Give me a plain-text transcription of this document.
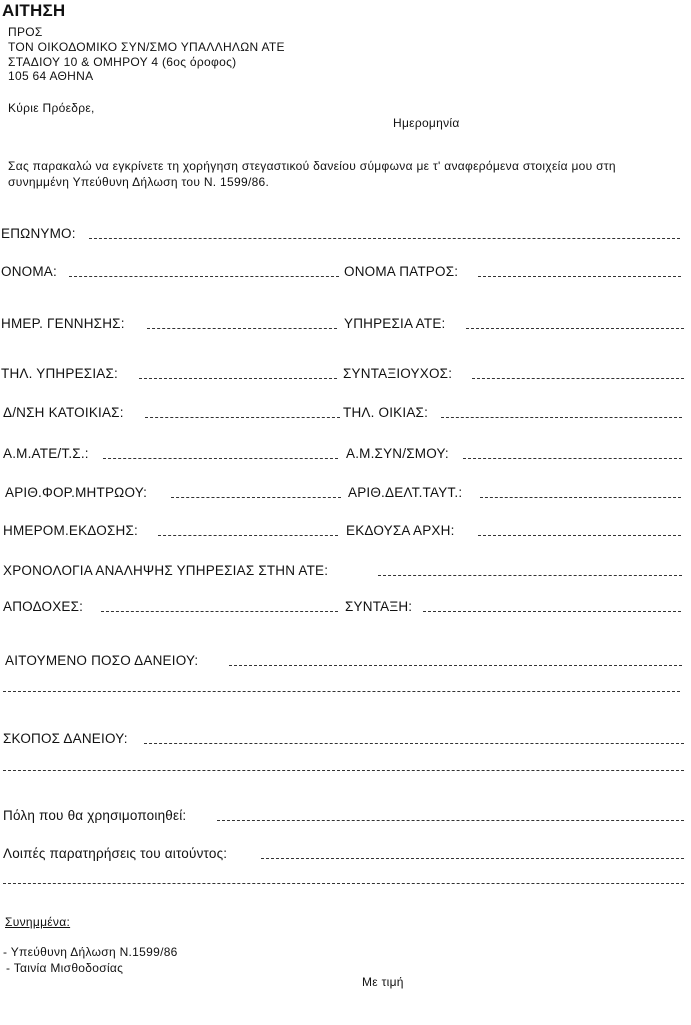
ΑΙΤΗΣΗ
ΠΡΟΣ
ΤΟΝ ΟΙΚΟΔΟΜΙΚΟ ΣΥΝ/ΣΜΟ ΥΠΑΛΛΗΛΩΝ ΑΤΕ
ΣΤΑΔΙΟΥ 10 & ΟΜΗΡΟΥ 4 (6ος όροφος)
105 64 ΑΘΗΝΑ
Κύριε Πρόεδρε,
Ημερομηνία
Σας παρακαλώ να εγκρίνετε τη χορήγηση στεγαστικού δανείου σύμφωνα με τ' αναφερόμενα στοιχεία μου στη
συνημμένη Υπεύθυνη Δήλωση του Ν. 1599/86.
ΕΠΩΝΥΜΟ:
ΟΝΟΜΑ:	ΟΝΟΜΑ ΠΑΤΡΟΣ:
ΗΜΕΡ. ΓΕΝΝΗΣΗΣ:	ΥΠΗΡΕΣΙΑ ΑΤΕ:
ΤΗΛ. ΥΠΗΡΕΣΙΑΣ:	ΣΥΝΤΑΞΙΟΥΧΟΣ:
Δ/ΝΣΗ ΚΑΤΟΙΚΙΑΣ:	ΤΗΛ. ΟΙΚΙΑΣ:
Α.Μ.ΑΤΕ/Τ.Σ.:	Α.Μ.ΣΥΝ/ΣΜΟΥ:
ΑΡΙΘ.ΦΟΡ.ΜΗΤΡΩΟΥ:	ΑΡΙΘ.ΔΕΛΤ.ΤΑΥΤ.:
ΗΜΕΡΟΜ.ΕΚΔΟΣΗΣ:	ΕΚΔΟΥΣΑ ΑΡΧΗ:
ΧΡΟΝΟΛΟΓΙΑ ΑΝΑΛΗΨΗΣ ΥΠΗΡΕΣΙΑΣ ΣΤΗΝ ΑΤΕ:
ΑΠΟΔΟΧΕΣ:	ΣΥΝΤΑΞΗ:
ΑΙΤΟΥΜΕΝΟ ΠΟΣΟ ΔΑΝΕΙΟΥ:
ΣΚΟΠΟΣ ΔΑΝΕΙΟΥ:
Πόλη που θα χρησιμοποιηθεί:
Λοιπές παρατηρήσεις του αιτούντος:
Συνημμένα:
- Υπεύθυνη Δήλωση Ν.1599/86
- Ταινία Μισθοδοσίας
Με τιμή
